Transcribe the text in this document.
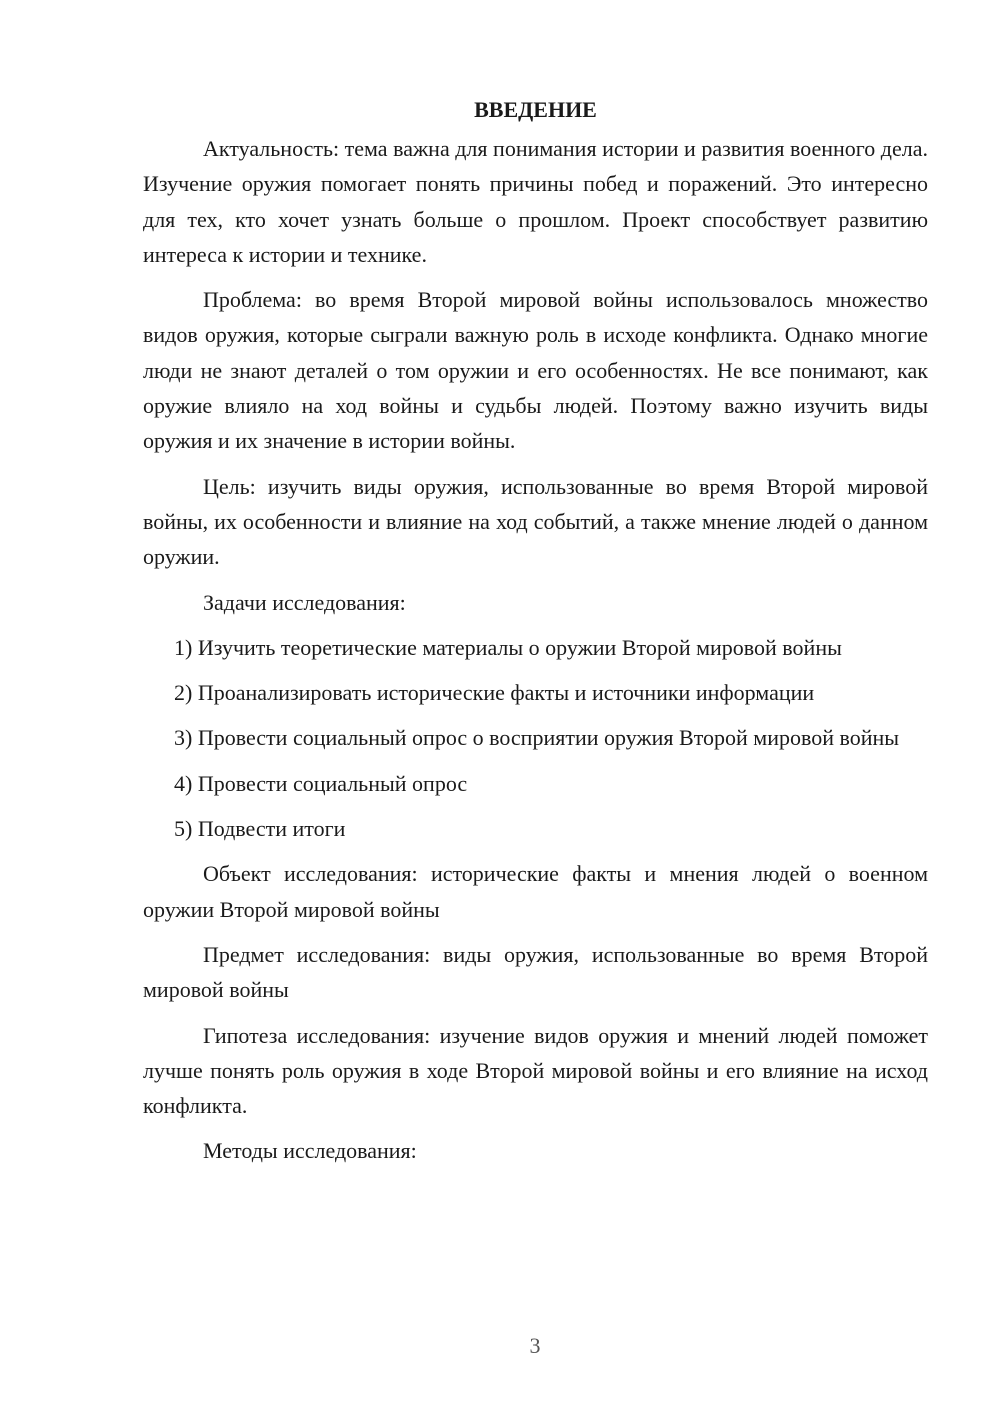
ВВЕДЕНИЕ

Актуальность: тема важна для понимания истории и развития военного дела. Изучение оружия помогает понять причины побед и поражений. Это интересно для тех, кто хочет узнать больше о прошлом. Проект способствует развитию интереса к истории и технике.

Проблема: во время Второй мировой войны использовалось множество видов оружия, которые сыграли важную роль в исходе конфликта. Однако многие люди не знают деталей о том оружии и его особенностях. Не все понимают, как оружие влияло на ход войны и судьбы людей. Поэтому важно изучить виды оружия и их значение в истории войны.

Цель: изучить виды оружия, использованные во время Второй мировой войны, их особенности и влияние на ход событий, а также мнение людей о данном оружии.

Задачи исследования:

1) Изучить теоретические материалы о оружии Второй мировой войны

2) Проанализировать исторические факты и источники информации

3) Провести социальный опрос о восприятии оружия Второй мировой войны

4) Провести социальный опрос

5) Подвести итоги

Объект исследования: исторические факты и мнения людей о военном оружии Второй мировой войны

Предмет исследования: виды оружия, использованные во время Второй мировой войны

Гипотеза исследования: изучение видов оружия и мнений людей поможет лучше понять роль оружия в ходе Второй мировой войны и его влияние на исход конфликта.

Методы исследования:

3
